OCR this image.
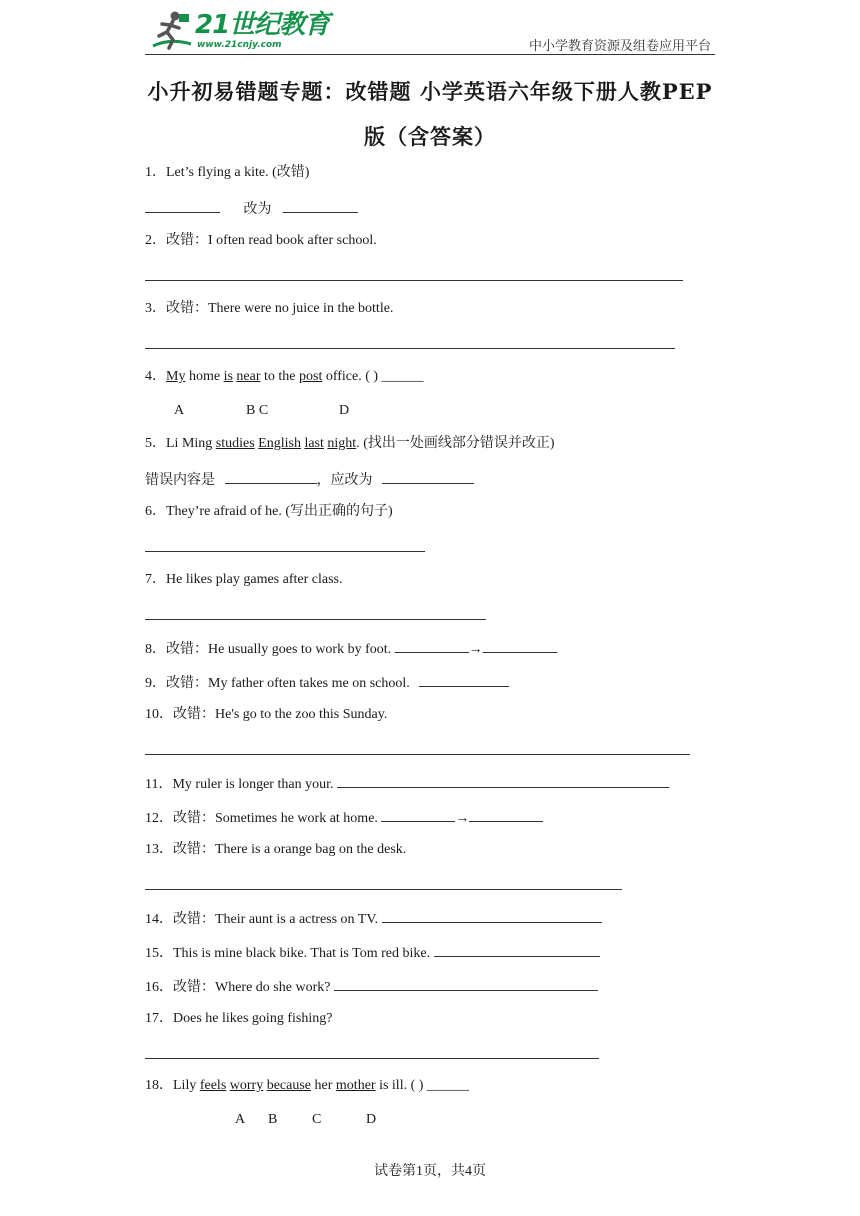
21世纪教育
www.21cnjy.com	中小学教育资源及组卷应用平台
小升初易错题专题：改错题 小学英语六年级下册人教PEP
版（含答案）
1．Let’s flying a kite. (改错)
改为
2．改错：I often read book after school.
3．改错：There were no juice in the bottle.
4．My home is near to the post office. ( ) ______
A	B C	D
5．Li Ming studies English last night. (找出一处画线部分错误并改正)
错误内容是	，应改为
6．They’re afraid of he. (写出正确的句子)
7．He likes play games after class.
8．改错：He usually goes to work by foot.	→
9．改错：My father often takes me on school.
10．改错：He's go to the zoo this Sunday.
11．My ruler is longer than your.
12．改错：Sometimes he work at home.	→
13．改错：There is a orange bag on the desk.
14．改错：Their aunt is a actress on TV.
15．This is mine black bike. That is Tom red bike.
16．改错：Where do she work?
17．Does he likes going fishing?
18．Lily feels worry because her mother is ill. ( ) ______
A B C	D
试卷第1页，共4页
